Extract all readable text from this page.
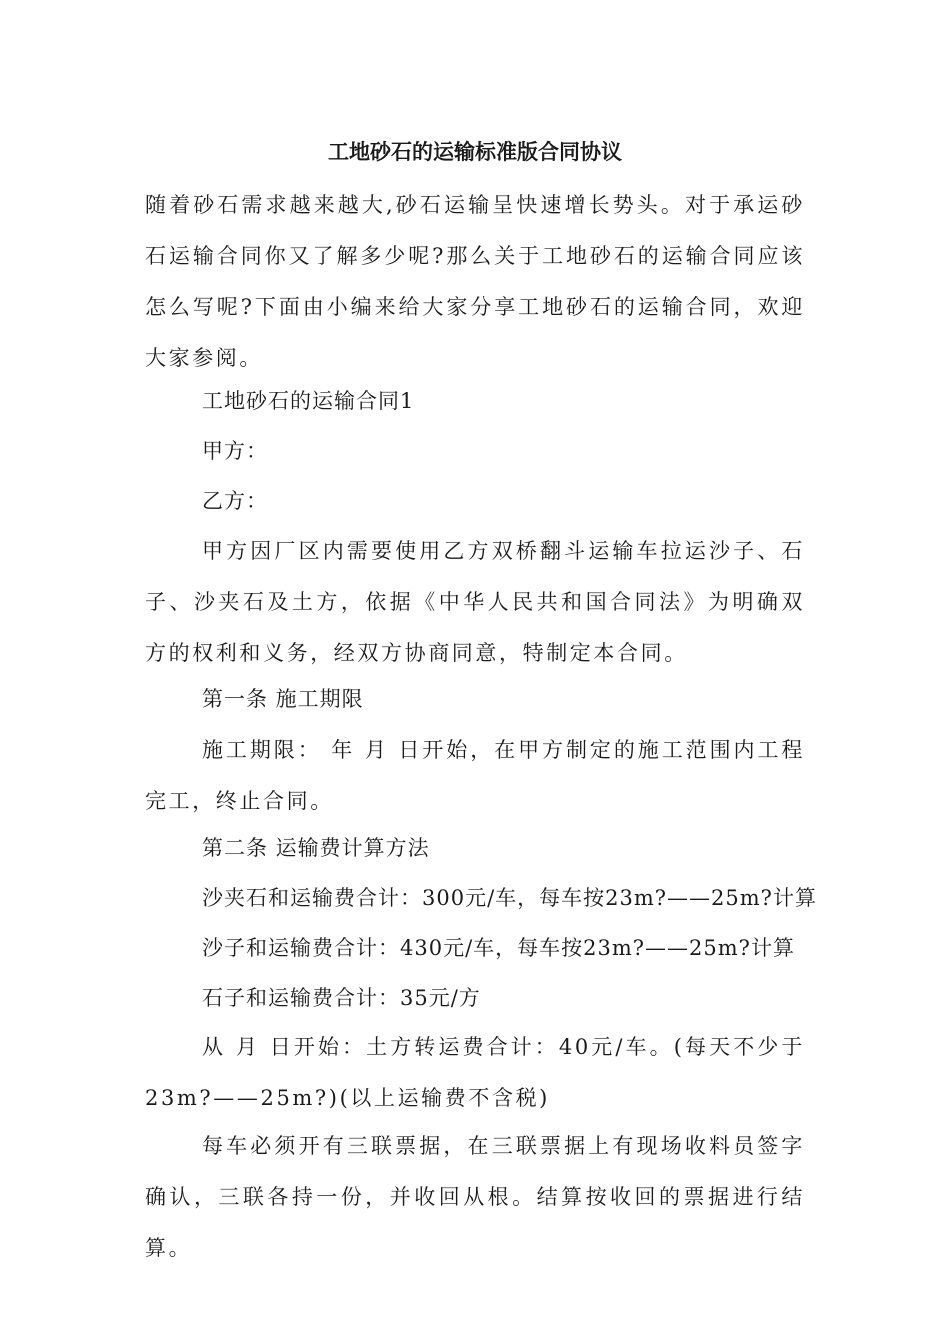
工地砂石的运输标准版合同协议

随着砂石需求越来越大,砂石运输呈快速增长势头。对于承运砂石运输合同你又了解多少呢?那么关于工地砂石的运输合同应该怎么写呢?下面由小编来给大家分享工地砂石的运输合同，欢迎大家参阅。

工地砂石的运输合同1

甲方：

乙方：

甲方因厂区内需要使用乙方双桥翻斗运输车拉运沙子、石子、沙夹石及土方，依据《中华人民共和国合同法》为明确双方的权利和义务，经双方协商同意，特制定本合同。

第一条 施工期限

施工期限： 年 月 日开始，在甲方制定的施工范围内工程完工，终止合同。

第二条 运输费计算方法

沙夹石和运输费合计：300元/车，每车按23m?——25m?计算

沙子和运输费合计：430元/车，每车按23m?——25m?计算

石子和运输费合计：35元/方

从 月 日开始：土方转运费合计：40元/车。(每天不少于23m?——25m?)(以上运输费不含税)

每车必须开有三联票据，在三联票据上有现场收料员签字确认，三联各持一份，并收回从根。结算按收回的票据进行结算。
